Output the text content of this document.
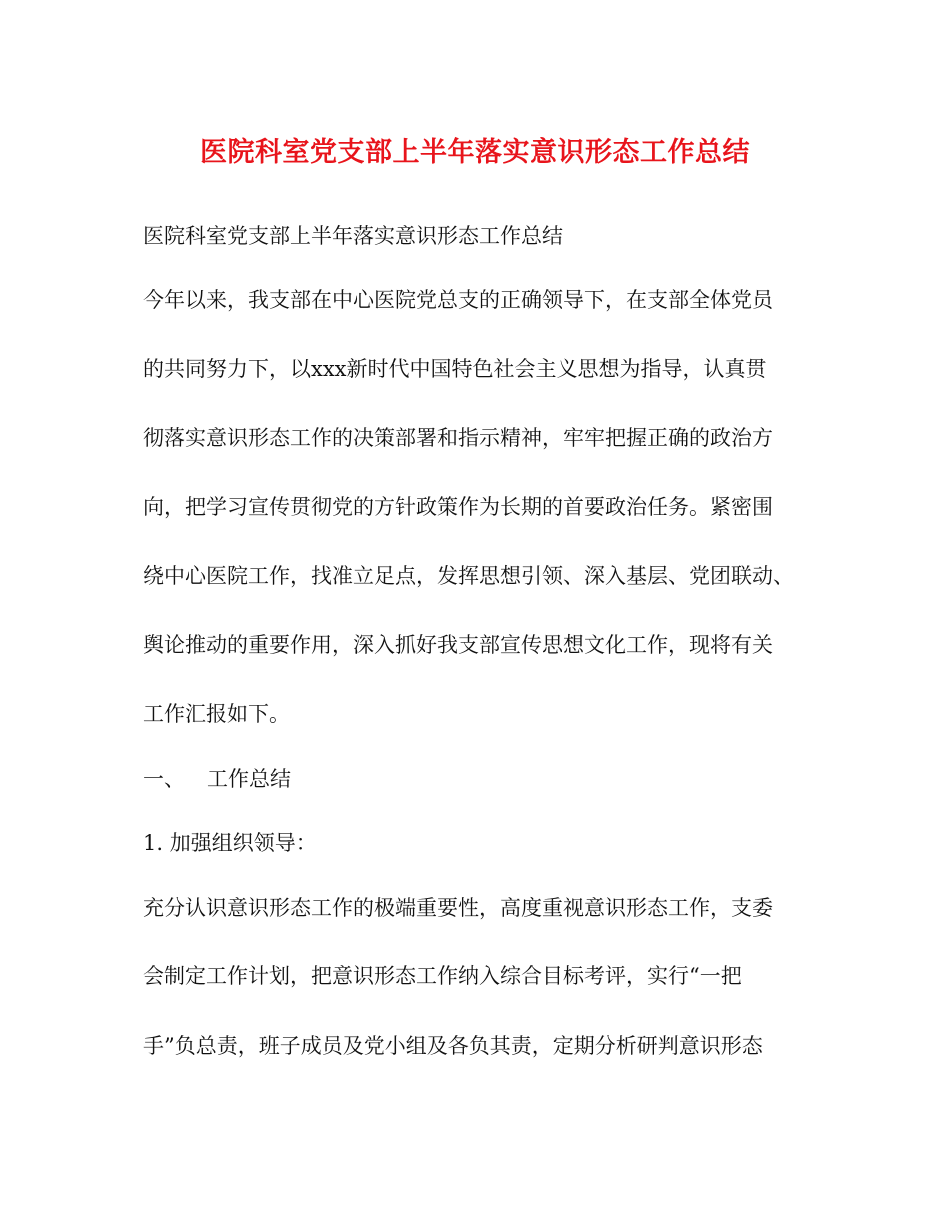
医院科室党支部上半年落实意识形态工作总结
医院科室党支部上半年落实意识形态工作总结
今年以来，我支部在中心医院党总支的正确领导下，在支部全体党员
的共同努力下，以xxx新时代中国特色社会主义思想为指导，认真贯
彻落实意识形态工作的决策部署和指示精神，牢牢把握正确的政治方
向，把学习宣传贯彻党的方针政策作为长期的首要政治任务。紧密围
绕中心医院工作，找准立足点，发挥思想引领、深入基层、党团联动、
舆论推动的重要作用，深入抓好我支部宣传思想文化工作，现将有关
工作汇报如下。
一、 工作总结
1. 加强组织领导：
充分认识意识形态工作的极端重要性，高度重视意识形态工作，支委
会制定工作计划，把意识形态工作纳入综合目标考评，实行“一把
手”负总责，班子成员及党小组及各负其责，定期分析研判意识形态
